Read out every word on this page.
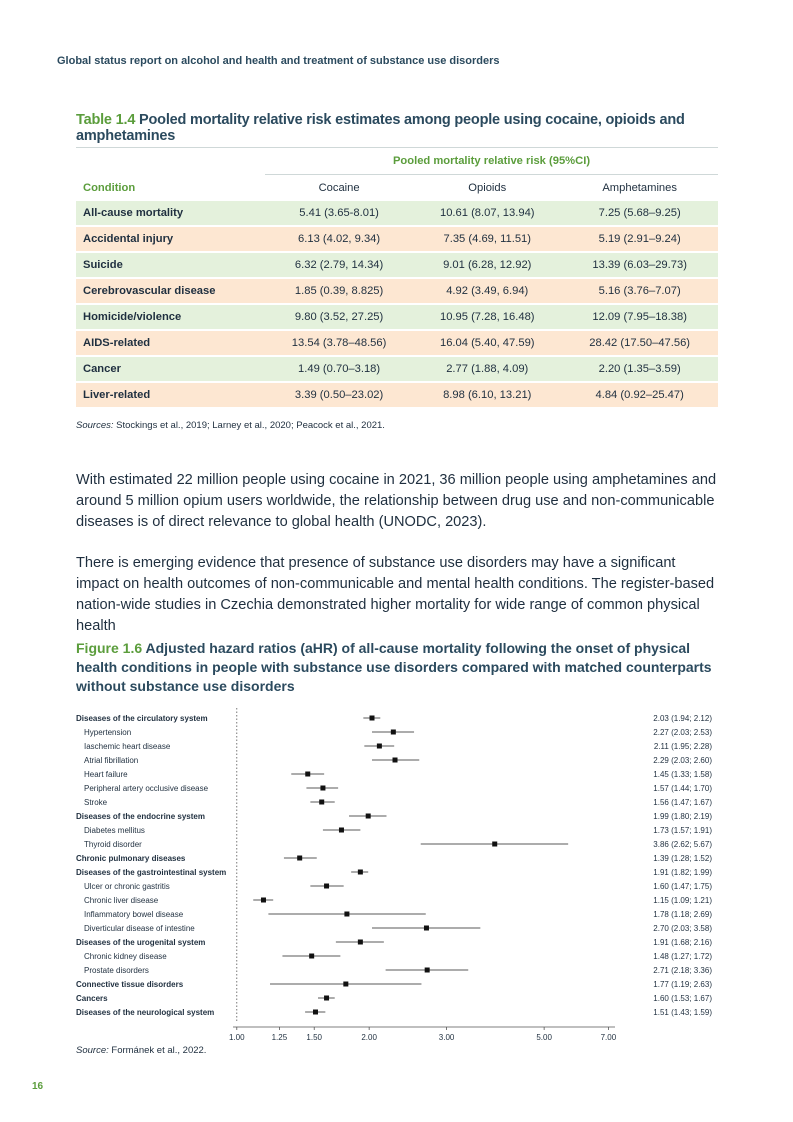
Global status report on alcohol and health and treatment of substance use disorders
Table 1.4 Pooled mortality relative risk estimates among people using cocaine, opioids and amphetamines
	Pooled mortality relative risk (95%CI)		
Condition	Cocaine	Opioids	Amphetamines
All-cause mortality	5.41 (3.65-8.01)	10.61 (8.07, 13.94)	7.25 (5.68–9.25)
Accidental injury	6.13 (4.02, 9.34)	7.35 (4.69, 11.51)	5.19 (2.91–9.24)
Suicide	6.32 (2.79, 14.34)	9.01 (6.28, 12.92)	13.39 (6.03–29.73)
Cerebrovascular disease	1.85 (0.39, 8.825)	4.92 (3.49, 6.94)	5.16 (3.76–7.07)
Homicide/violence	9.80 (3.52, 27.25)	10.95 (7.28, 16.48)	12.09 (7.95–18.38)
AIDS-related	13.54 (3.78–48.56)	16.04 (5.40, 47.59)	28.42 (17.50–47.56)
Cancer	1.49 (0.70–3.18)	2.77 (1.88, 4.09)	2.20 (1.35–3.59)
Liver-related	3.39 (0.50–23.02)	8.98 (6.10, 13.21)	4.84 (0.92–25.47)
Sources: Stockings et al., 2019; Larney et al., 2020; Peacock et al., 2021.

With estimated 22 million people using cocaine in 2021, 36 million people using amphetamines and around 5 million opium users worldwide, the relationship between drug use and non-communicable diseases is of direct relevance to global health (UNODC, 2023).

There is emerging evidence that presence of substance use disorders may have a significant impact on health outcomes of non-communicable and mental health conditions. The register-based nation-wide studies in Czechia demonstrated higher mortality for wide range of common physical health

Figure 1.6 Adjusted hazard ratios (aHR) of all-cause mortality following the onset of physical health conditions in people with substance use disorders compared with matched counterparts without substance use disorders
1.00	1.25 1.50	2.00	3.00	5.00	7.00
Diseases of the circulatory system	2.03 (1.94; 2.12)
Hypertension	2.27 (2.03; 2.53)
Iaschemic heart disease	2.11 (1.95; 2.28)
Atrial fibrillation	2.29 (2.03; 2.60)
Heart failure	1.45 (1.33; 1.58)
Peripheral artery occlusive disease	1.57 (1.44; 1.70)
Stroke	1.56 (1.47; 1.67)
Diseases of the endocrine system	1.99 (1.80; 2.19)
Diabetes mellitus	1.73 (1.57; 1.91)
Thyroid disorder	3.86 (2.62; 5.67)
Chronic pulmonary diseases	1.39 (1.28; 1.52)
Diseases of the gastrointestinal system	1.91 (1.82; 1.99)
Ulcer or chronic gastritis	1.60 (1.47; 1.75)
Chronic liver disease	1.15 (1.09; 1.21)
Inflammatory bowel disease	1.78 (1.18; 2.69)
Diverticular disease of intestine	2.70 (2.03; 3.58)
Diseases of the urogenital system	1.91 (1.68; 2.16)
Chronic kidney disease	1.48 (1.27; 1.72)
Prostate disorders	2.71 (2.18; 3.36)
Connective tissue disorders	1.77 (1.19; 2.63)
Cancers	1.60 (1.53; 1.67)
Diseases of the neurological system	1.51 (1.43; 1.59)
Source: Formánek et al., 2022.
16
